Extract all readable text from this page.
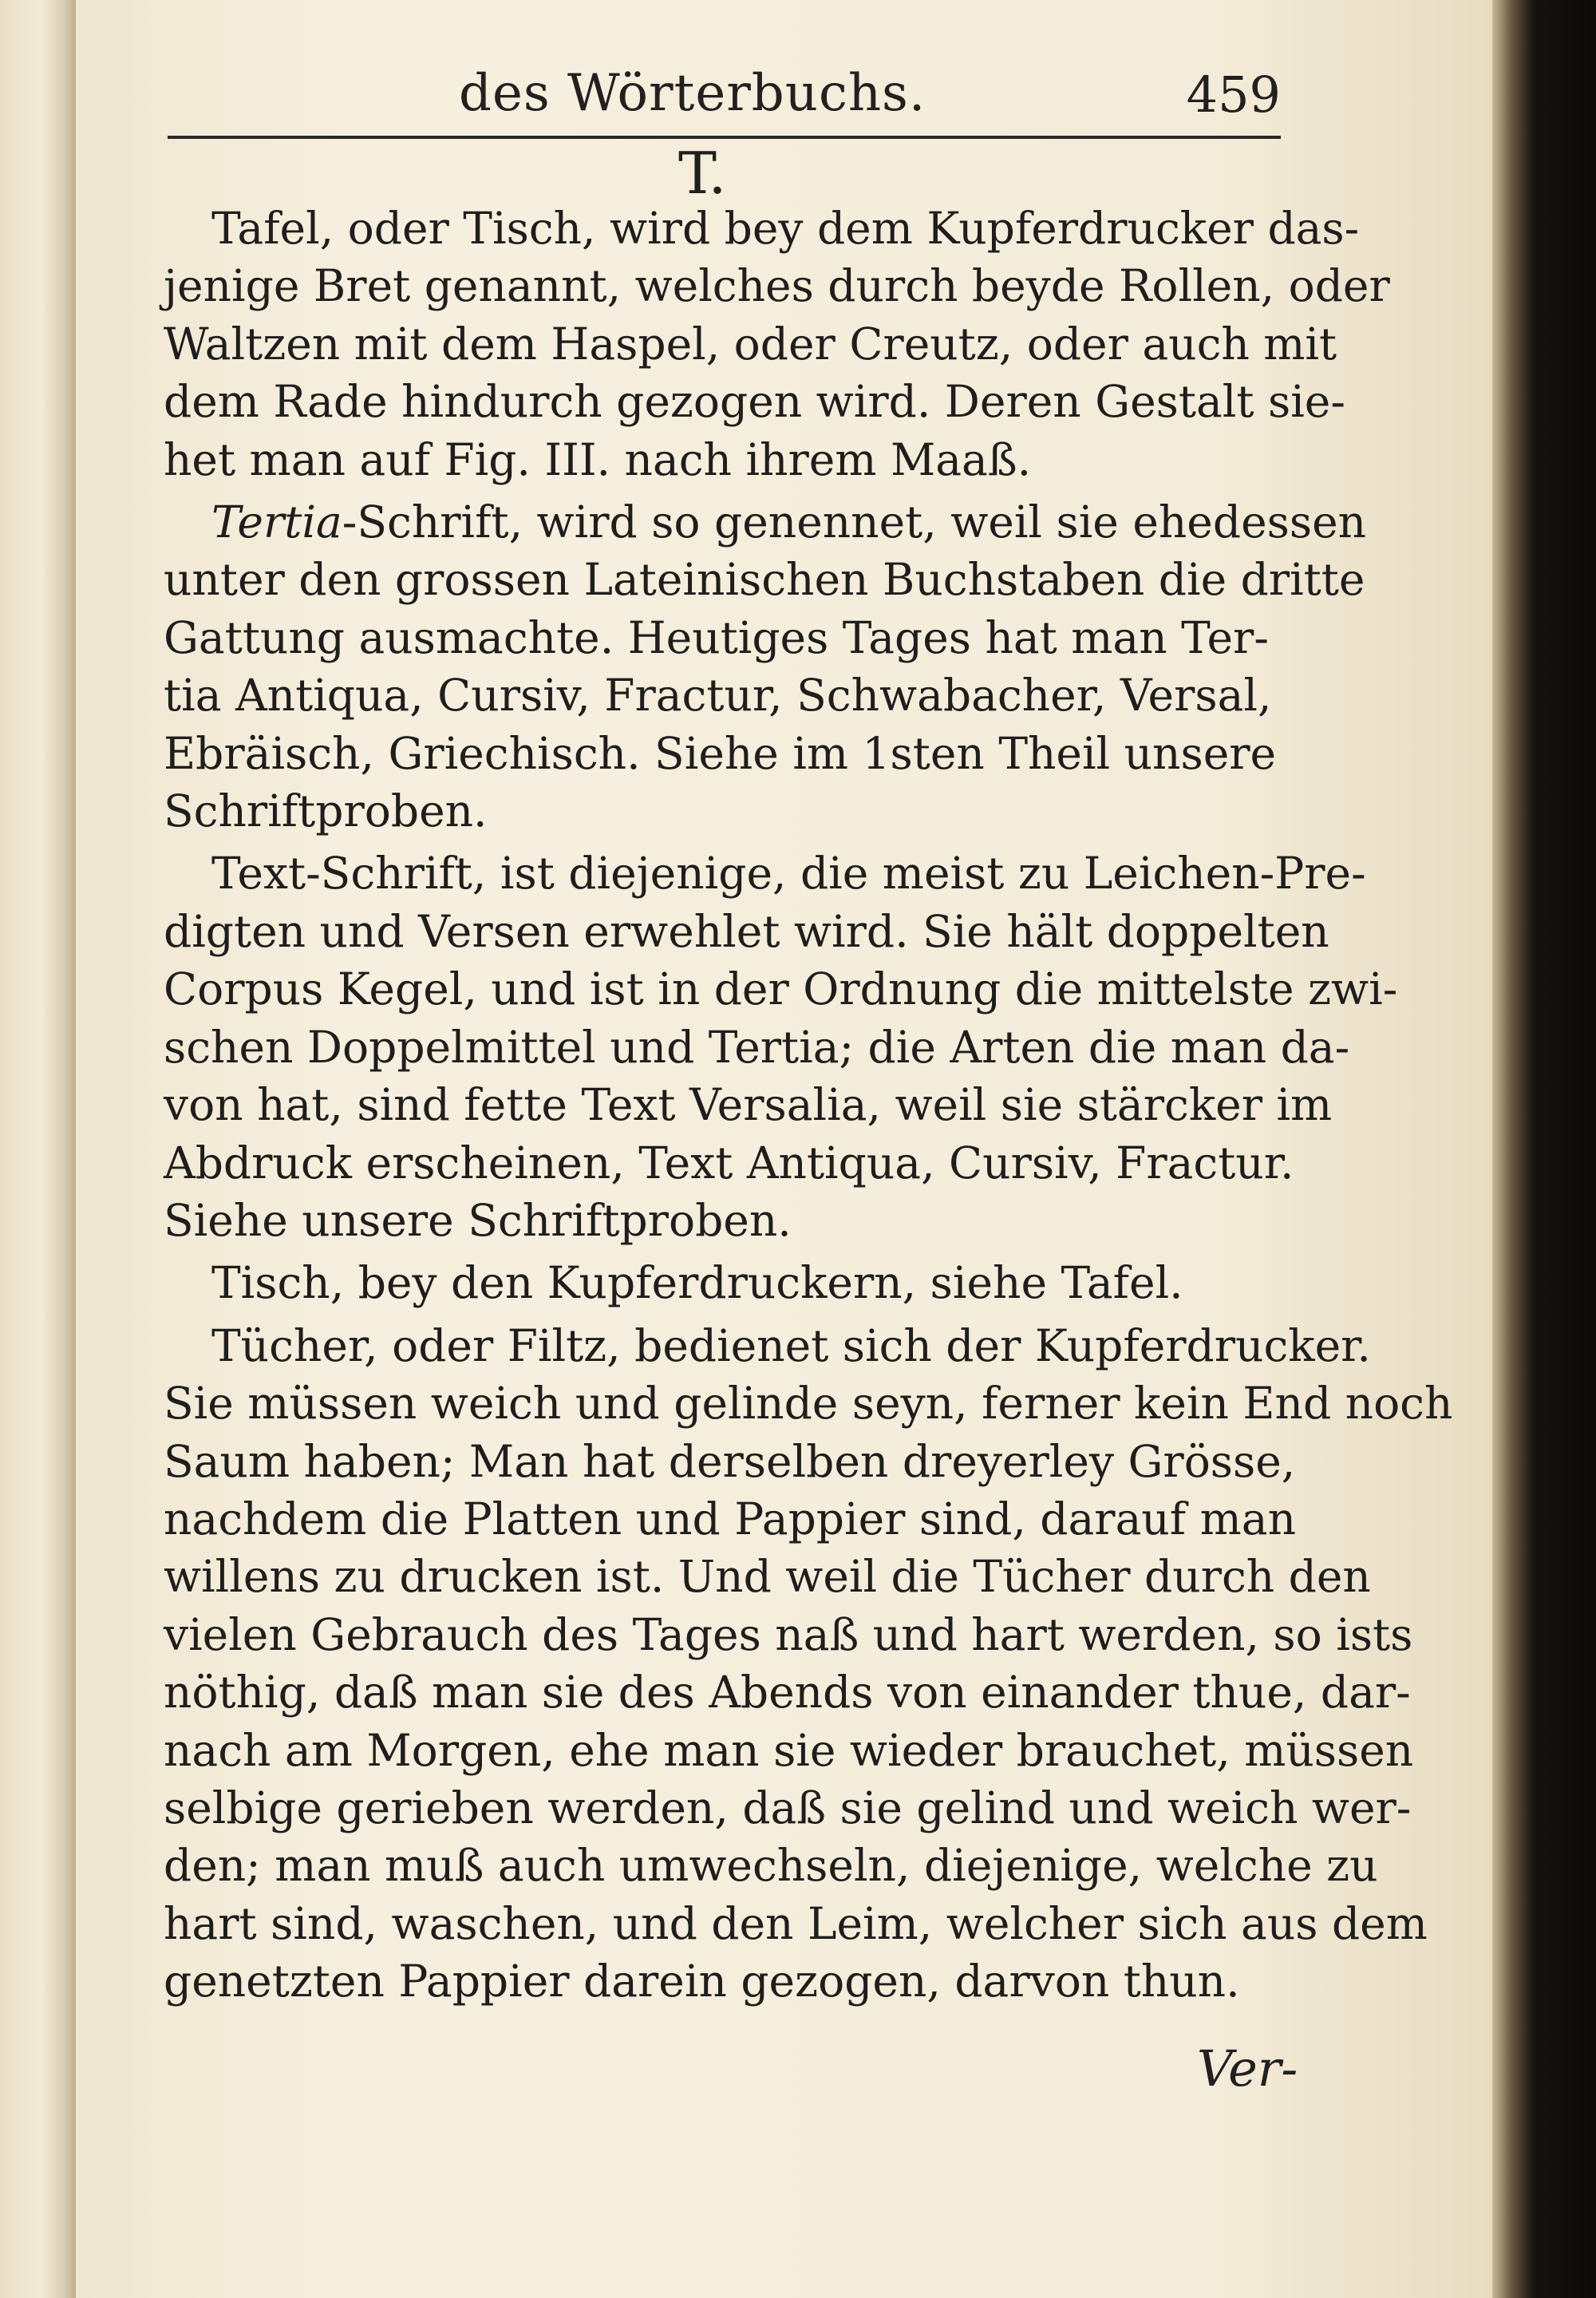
des Wörterbuchs.	459
T.
Tafel, oder Tisch, wird bey dem Kupferdrucker das-
jenige Bret genannt, welches durch beyde Rollen, oder
Waltzen mit dem Haspel, oder Creutz, oder auch mit
dem Rade hindurch gezogen wird. Deren Gestalt sie-
het man auf Fig. III. nach ihrem Maaß.
Tertia-Schrift, wird so genennet, weil sie ehedessen
unter den grossen Lateinischen Buchstaben die dritte
Gattung ausmachte. Heutiges Tages hat man Ter-
tia Antiqua, Cursiv, Fractur, Schwabacher, Versal,
Ebräisch, Griechisch. Siehe im 1sten Theil unsere
Schriftproben.
Text-Schrift, ist diejenige, die meist zu Leichen-Pre-
digten und Versen erwehlet wird. Sie hält doppelten
Corpus Kegel, und ist in der Ordnung die mittelste zwi-
schen Doppelmittel und Tertia; die Arten die man da-
von hat, sind fette Text Versalia, weil sie stärcker im
Abdruck erscheinen, Text Antiqua, Cursiv, Fractur.
Siehe unsere Schriftproben.
Tisch, bey den Kupferdruckern, siehe Tafel.
Tücher, oder Filtz, bedienet sich der Kupferdrucker.
Sie müssen weich und gelinde seyn, ferner kein End noch
Saum haben; Man hat derselben dreyerley Grösse,
nachdem die Platten und Pappier sind, darauf man
willens zu drucken ist. Und weil die Tücher durch den
vielen Gebrauch des Tages naß und hart werden, so ists
nöthig, daß man sie des Abends von einander thue, dar-
nach am Morgen, ehe man sie wieder brauchet, müssen
selbige gerieben werden, daß sie gelind und weich wer-
den; man muß auch umwechseln, diejenige, welche zu
hart sind, waschen, und den Leim, welcher sich aus dem
genetzten Pappier darein gezogen, darvon thun.
Ver-
